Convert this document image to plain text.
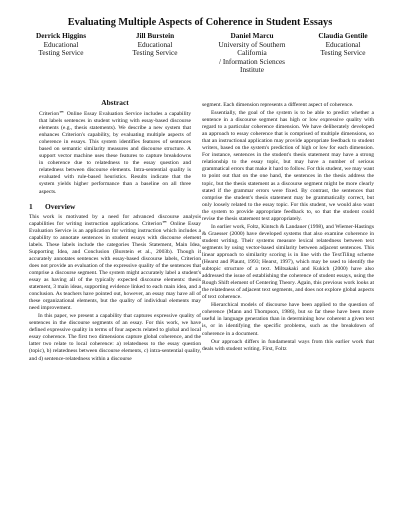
Evaluating Multiple Aspects of Coherence in Student Essays
Derrick Higgins
Educational
Testing Service
Jill Burstein
Educational
Testing Service
Daniel Marcu
University of Southern
California
/ Information Sciences
Institute
Claudia Gentile
Educational
Testing Service
Abstract

Criterion℠ Online Essay Evaluation Service includes a capability that labels sentences in student writing with essay-based discourse elements (e.g., thesis statements). We describe a new system that enhances Criterion's capability, by evaluating multiple aspects of coherence in essays. This system identifies features of sentences based on semantic similarity measures and discourse structure. A support vector machine uses these features to capture breakdowns in coherence due to relatedness to the essay question and relatedness between discourse elements. Intra-sentential quality is evaluated with rule-based heuristics. Results indicate that the system yields higher performance than a baseline on all three aspects.

1 Overview

This work is motivated by a need for advanced discourse analysis capabilities for writing instruction applications. Criterion℠ Online Essay Evaluation Service is an application for writing instruction which includes a capability to annotate sentences in student essays with discourse element labels. These labels include the categories Thesis Statement, Main Idea, Supporting Idea, and Conclusion (Burstein et al., 2003b). Though it accurately annotates sentences with essay-based discourse labels, Criterion does not provide an evaluation of the expressive quality of the sentences that comprise a discourse segment. The system might accurately label a student's essay as having all of the typically expected discourse elements: thesis statement, 3 main ideas, supporting evidence linked to each main idea, and a conclusion. As teachers have pointed out, however, an essay may have all of these organizational elements, but the quality of individual elements may need improvement.

In this paper, we present a capability that captures expressive quality of sentences in the discourse segments of an essay. For this work, we have defined expressive quality in terms of four aspects related to global and local essay coherence. The first two dimensions capture global coherence, and the latter two relate to local coherence: a) relatedness to the essay question (topic), b) relatedness between discourse elements, c) intra-sentential quality, and d) sentence-relatedness within a discourse

segment. Each dimension represents a different aspect of coherence.

Essentially, the goal of the system is to be able to predict whether a sentence in a discourse segment has high or low expressive quality with regard to a particular coherence dimension. We have deliberately developed an approach to essay coherence that is comprised of multiple dimensions, so that an instructional application may provide appropriate feedback to student writers, based on the system's prediction of high or low for each dimension. For instance, sentences in the student's thesis statement may have a strong relationship to the essay topic, but may have a number of serious grammatical errors that make it hard to follow. For this student, we may want to point out that on the one hand, the sentences in the thesis address the topic, but the thesis statement as a discourse segment might be more clearly stated if the grammar errors were fixed. By contrast, the sentences that comprise the student's thesis statement may be grammatically correct, but only loosely related to the essay topic. For this student, we would also want the system to provide appropriate feedback to, so that the student could revise the thesis statement text appropriately.

In earlier work, Foltz, Kintsch & Landauer (1998), and Wiemer-Hastings & Graesser (2000) have developed systems that also examine coherence in student writing. Their systems measure lexical relatedness between text segments by using vector-based similarity between adjacent sentences. This linear approach to similarity scoring is in line with the TextTiling scheme (Hearst and Plaunt, 1993; Hearst, 1997), which may be used to identify the subtopic structure of a text. Miltsakaki and Kukich (2000) have also addressed the issue of establishing the coherence of student essays, using the Rough Shift element of Centering Theory. Again, this previous work looks at the relatedness of adjacent text segments, and does not explore global aspects of text coherence.

Hierarchical models of discourse have been applied to the question of coherence (Mann and Thompson, 1986), but so far these have been more useful in language generation than in determining how coherent a given text is, or in identifying the specific problems, such as the breakdown of coherence in a document.

Our approach differs in fundamental ways from this earlier work that deals with student writing. First, Foltz
